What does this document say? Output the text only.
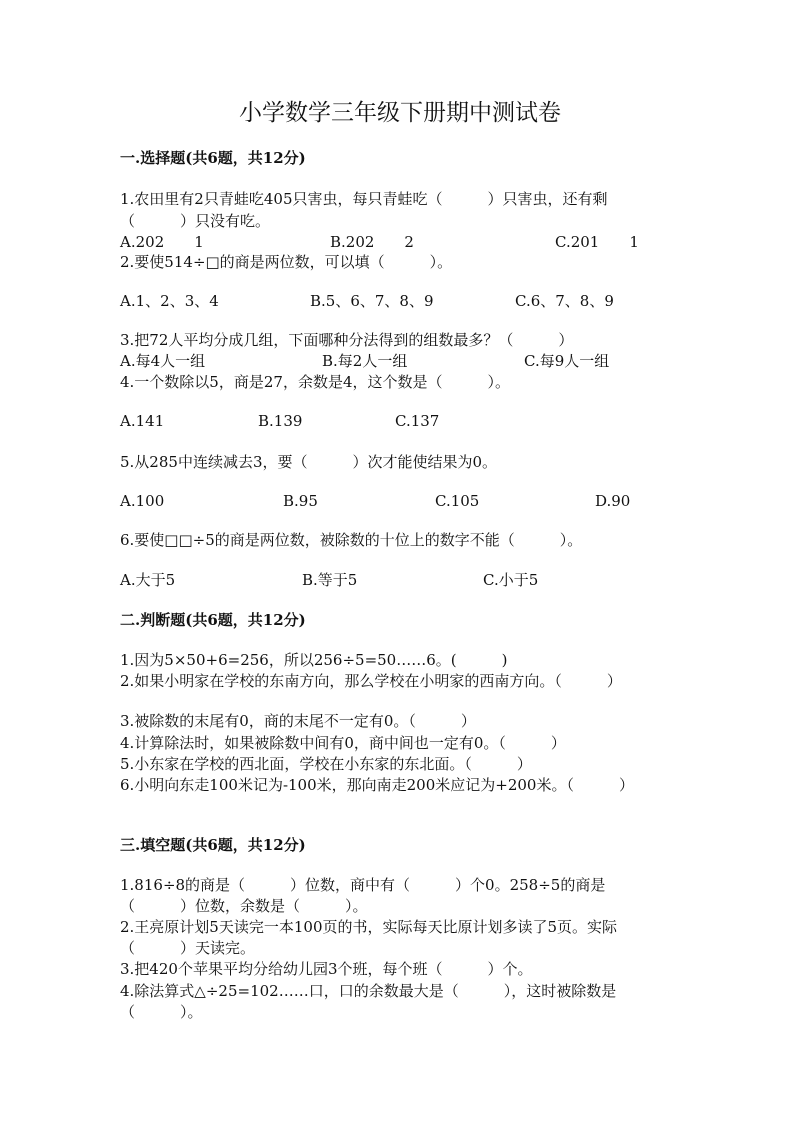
小学数学三年级下册期中测试卷
一.选择题(共6题，共12分)
1.农田里有2只青蛙吃405只害虫，每只青蛙吃（　　　）只害虫，还有剩
（　　　）只没有吃。
A.202　　1	B.202　　2	C.201　　1
2.要使514÷□的商是两位数，可以填（　　　）。
A.1、2、3、4	B.5、6、7、8、9	C.6、7、8、9
3.把72人平均分成几组，下面哪种分法得到的组数最多？（　　　）
A.每4人一组	B.每2人一组	C.每9人一组
4.一个数除以5，商是27，余数是4，这个数是（　　　）。
A.141	B.139	C.137
5.从285中连续减去3，要（　　　）次才能使结果为0。
A.100	B.95	C.105	D.90
6.要使□□÷5的商是两位数，被除数的十位上的数字不能（　　　）。
A.大于5	B.等于5	C.小于5
二.判断题(共6题，共12分)
1.因为5×50+6=256，所以256÷5=50……6。(　　　)
2.如果小明家在学校的东南方向，那么学校在小明家的西南方向。（　　　）
3.被除数的末尾有0，商的末尾不一定有0。（　　　）
4.计算除法时，如果被除数中间有0，商中间也一定有0。（　　　）
5.小东家在学校的西北面，学校在小东家的东北面。（　　　）
6.小明向东走100米记为-100米，那向南走200米应记为+200米。（　　　）
三.填空题(共6题，共12分)
1.816÷8的商是（　　　）位数，商中有（　　　）个0。258÷5的商是
（　　　）位数，余数是（　　　）。
2.王亮原计划5天读完一本100页的书，实际每天比原计划多读了5页。实际
（　　　）天读完。
3.把420个苹果平均分给幼儿园3个班，每个班（　　　）个。
4.除法算式△÷25=102……口，口的余数最大是（　　　），这时被除数是
（　　　）。
